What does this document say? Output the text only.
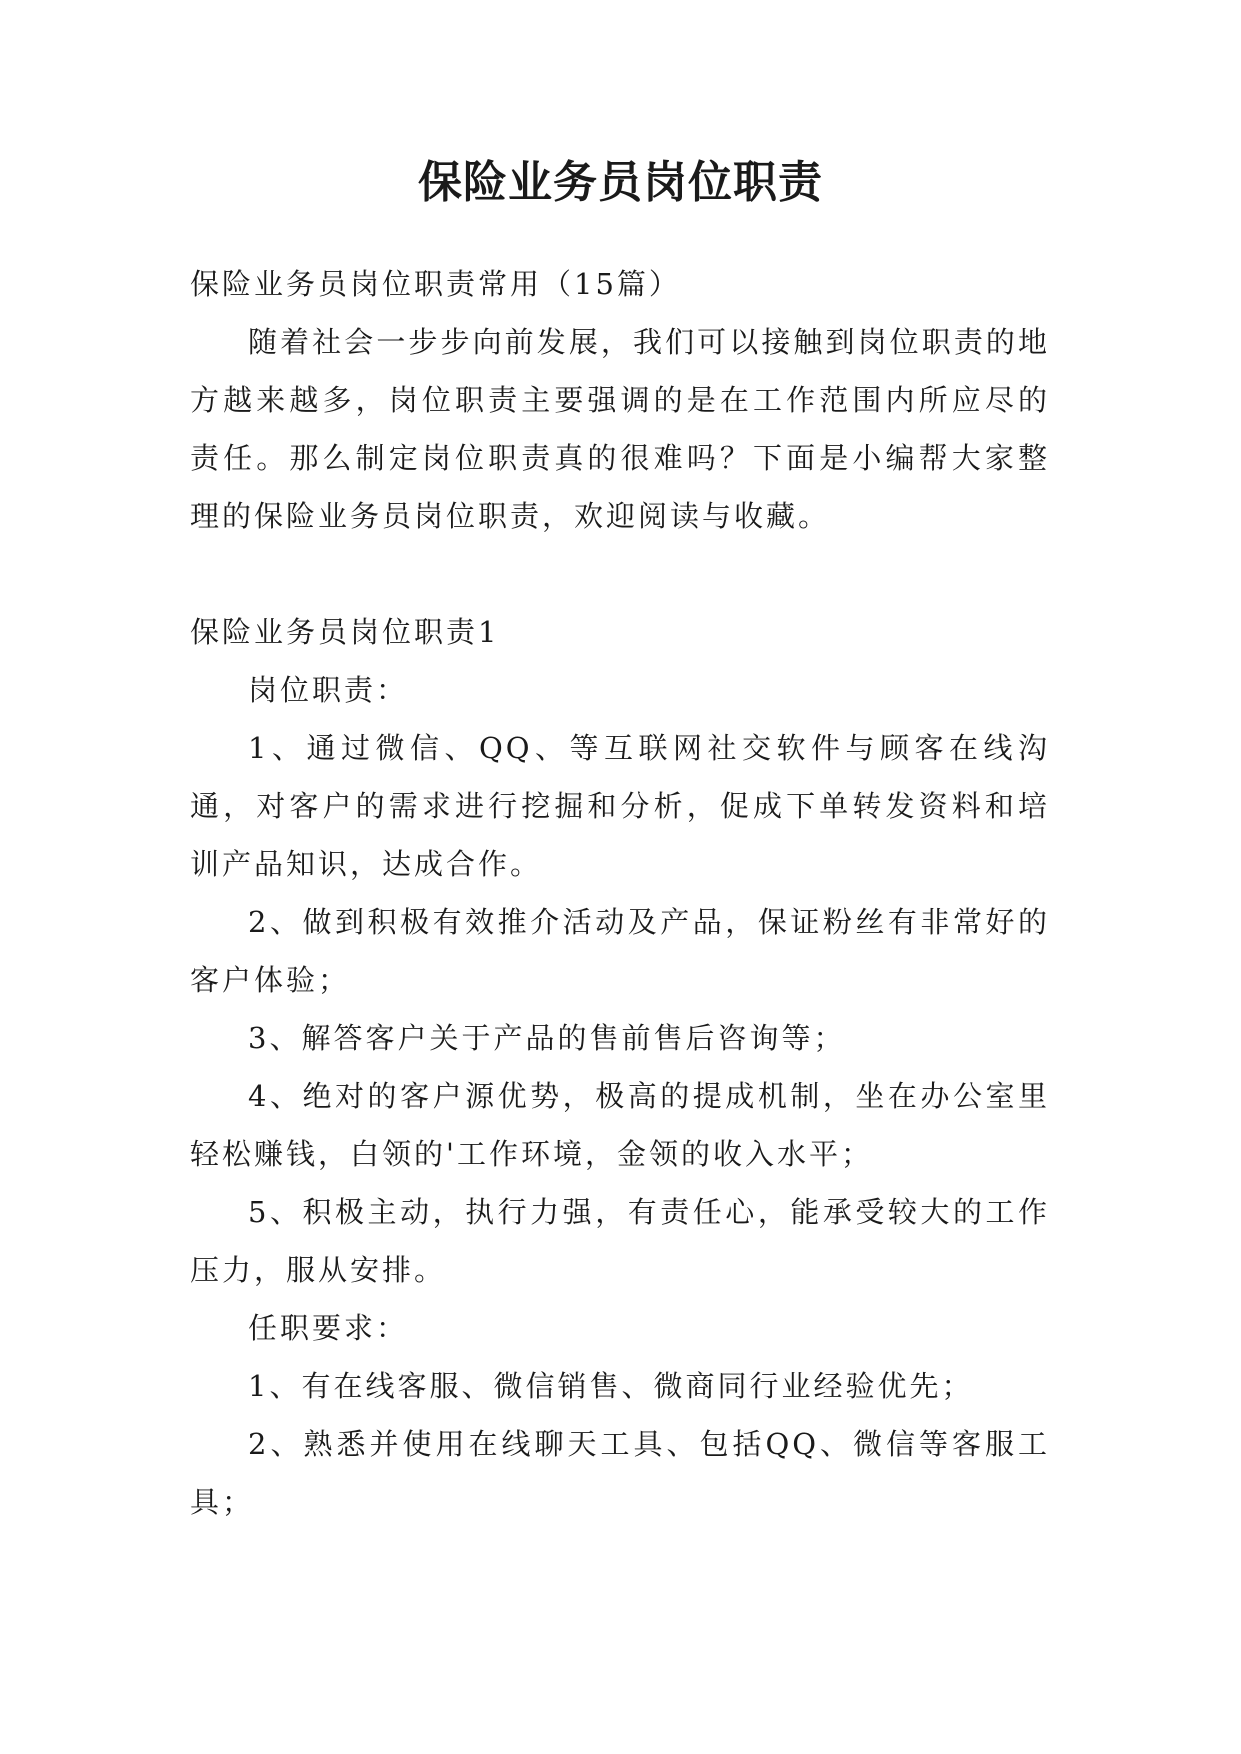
保险业务员岗位职责

保险业务员岗位职责常用（15篇）

随着社会一步步向前发展，我们可以接触到岗位职责的地方越来越多，岗位职责主要强调的是在工作范围内所应尽的责任。那么制定岗位职责真的很难吗？下面是小编帮大家整理的保险业务员岗位职责，欢迎阅读与收藏。

保险业务员岗位职责1

岗位职责：

1、通过微信、QQ、等互联网社交软件与顾客在线沟通，对客户的需求进行挖掘和分析，促成下单转发资料和培训产品知识，达成合作。

2、做到积极有效推介活动及产品，保证粉丝有非常好的客户体验；

3、解答客户关于产品的售前售后咨询等；

4、绝对的客户源优势，极高的提成机制，坐在办公室里轻松赚钱，白领的'工作环境，金领的收入水平；

5、积极主动，执行力强，有责任心，能承受较大的工作压力，服从安排。

任职要求：

1、有在线客服、微信销售、微商同行业经验优先；

2、熟悉并使用在线聊天工具、包括QQ、微信等客服工具；
